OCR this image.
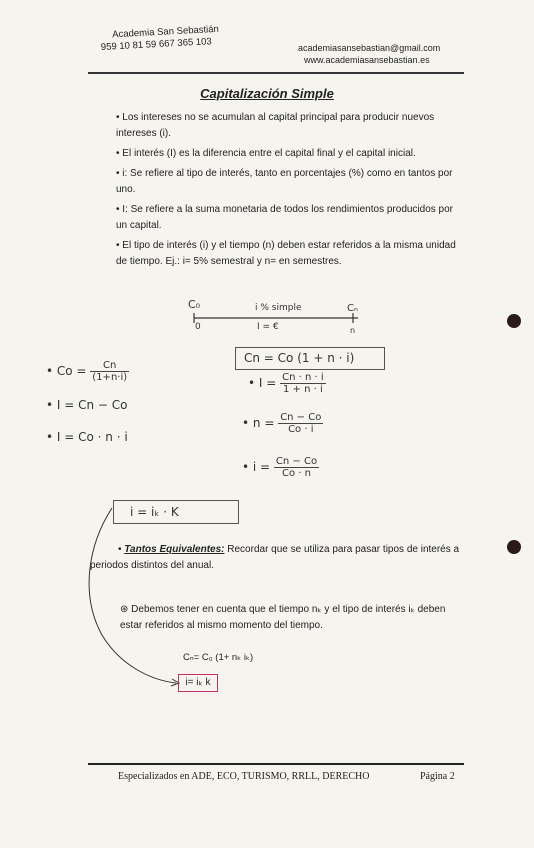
Academia San Sebastián
959 10 81 59 667 365 103	academiasansebastian@gmail.com
www.academiasansebastian.es
Capitalización Simple

• Los intereses no se acumulan al capital principal para producir nuevos intereses (i).

• El interés (I) es la diferencia entre el capital final y el capital inicial.

• i: Se refiere al tipo de interés, tanto en porcentajes (%) como en tantos por uno.

• I: Se refiere a la suma monetaria de todos los rendimientos producidos por un capital.

• El tipo de interés (i) y el tiempo (n) deben estar referidos a la misma unidad de tiempo. Ej.: i= 5% semestral y n= en semestres.

C₀	i % simple	Cₙ
0	I = €	n
Cn = Co (1 + n · i)
• $Co = \frac{Cn}{(1+n\cdot i)}$
• I = Cn − Co
• I = Co · n · i
• $I = \frac{Cn \cdot n \cdot i}{1 + n \cdot i}$
• $n = \frac{Cn - Co}{Co \cdot i}$
• $i = \frac{Cn - Co}{Co \cdot n}$
i = iₖ · K
• Tantos Equivalentes: Recordar que se utiliza para pasar tipos de interés a periodos distintos del anual.
⊛ Debemos tener en cuenta que el tiempo nₖ y el tipo de interés iₖ deben estar referidos al mismo momento del tiempo.
Cₙ= C₀ (1+ nₖ iₖ)
i= iₖ k
Especializados en ADE, ECO, TURISMO, RRLL, DERECHO	Página 2
